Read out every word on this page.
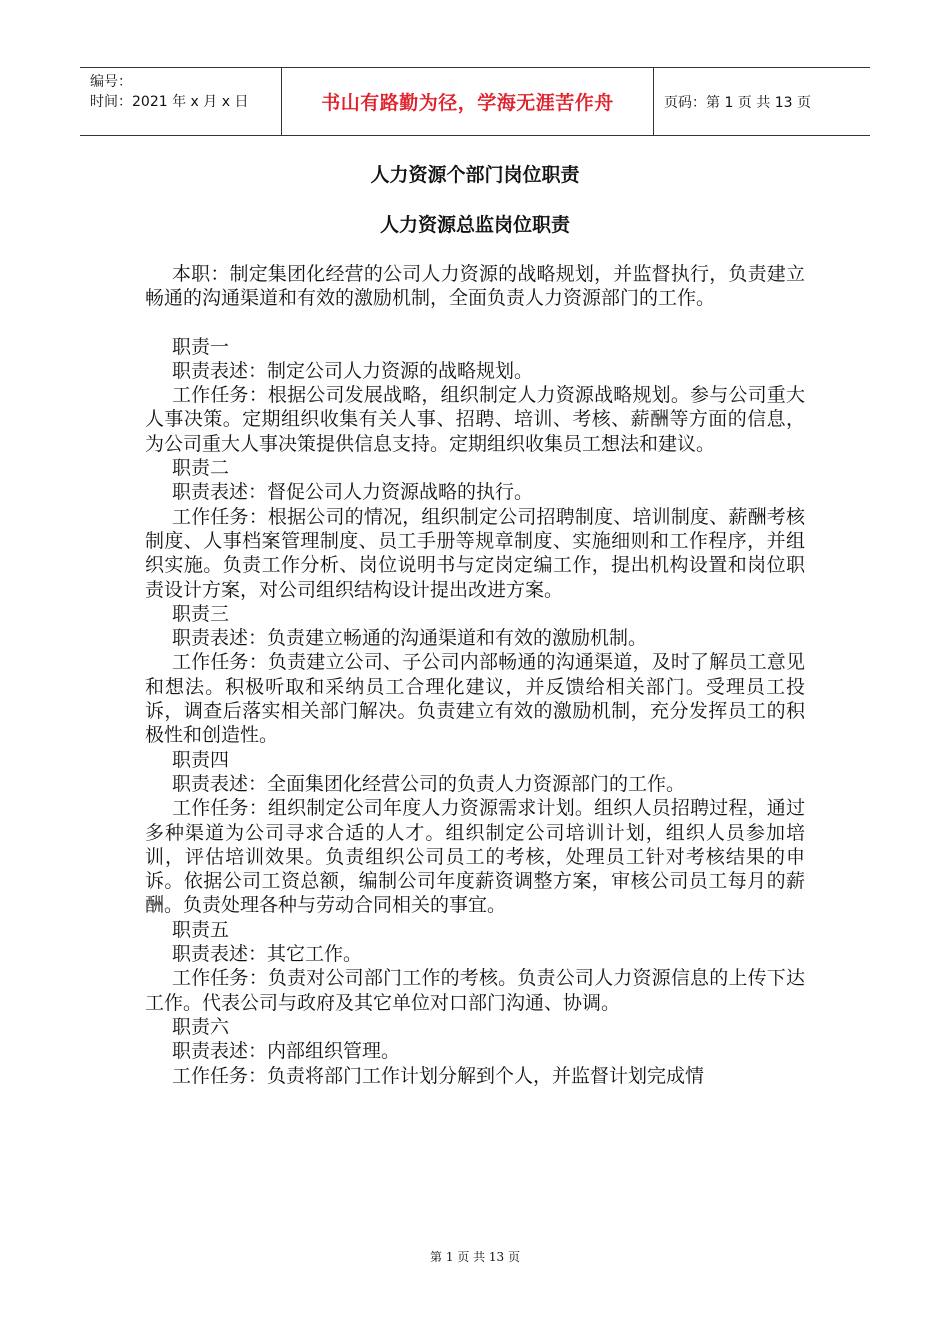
编号：
时间：2021 年 x 月 x 日	书山有路勤为径，学海无涯苦作舟	页码：第 1 页 共 13 页
人力资源个部门岗位职责
人力资源总监岗位职责

本职：制定集团化经营的公司人力资源的战略规划，并监督执行，负责建立畅通的沟通渠道和有效的激励机制，全面负责人力资源部门的工作。

职责一

职责表述：制定公司人力资源的战略规划。

工作任务：根据公司发展战略，组织制定人力资源战略规划。参与公司重大人事决策。定期组织收集有关人事、招聘、培训、考核、薪酬等方面的信息，为公司重大人事决策提供信息支持。定期组织收集员工想法和建议。

职责二

职责表述：督促公司人力资源战略的执行。

工作任务：根据公司的情况，组织制定公司招聘制度、培训制度、薪酬考核制度、人事档案管理制度、员工手册等规章制度、实施细则和工作程序，并组织实施。负责工作分析、岗位说明书与定岗定编工作，提出机构设置和岗位职责设计方案，对公司组织结构设计提出改进方案。

职责三

职责表述：负责建立畅通的沟通渠道和有效的激励机制。

工作任务：负责建立公司、子公司内部畅通的沟通渠道，及时了解员工意见和想法。积极听取和采纳员工合理化建议，并反馈给相关部门。受理员工投诉，调查后落实相关部门解决。负责建立有效的激励机制，充分发挥员工的积极性和创造性。

职责四

职责表述：全面集团化经营公司的负责人力资源部门的工作。

工作任务：组织制定公司年度人力资源需求计划。组织人员招聘过程，通过多种渠道为公司寻求合适的人才。组织制定公司培训计划，组织人员参加培训，评估培训效果。负责组织公司员工的考核，处理员工针对考核结果的申诉。依据公司工资总额，编制公司年度薪资调整方案，审核公司员工每月的薪酬。负责处理各种与劳动合同相关的事宜。

职责五

职责表述：其它工作。

工作任务：负责对公司部门工作的考核。负责公司人力资源信息的上传下达工作。代表公司与政府及其它单位对口部门沟通、协调。

职责六

职责表述：内部组织管理。

工作任务：负责将部门工作计划分解到个人，并监督计划完成情

第 1 页 共 13 页
